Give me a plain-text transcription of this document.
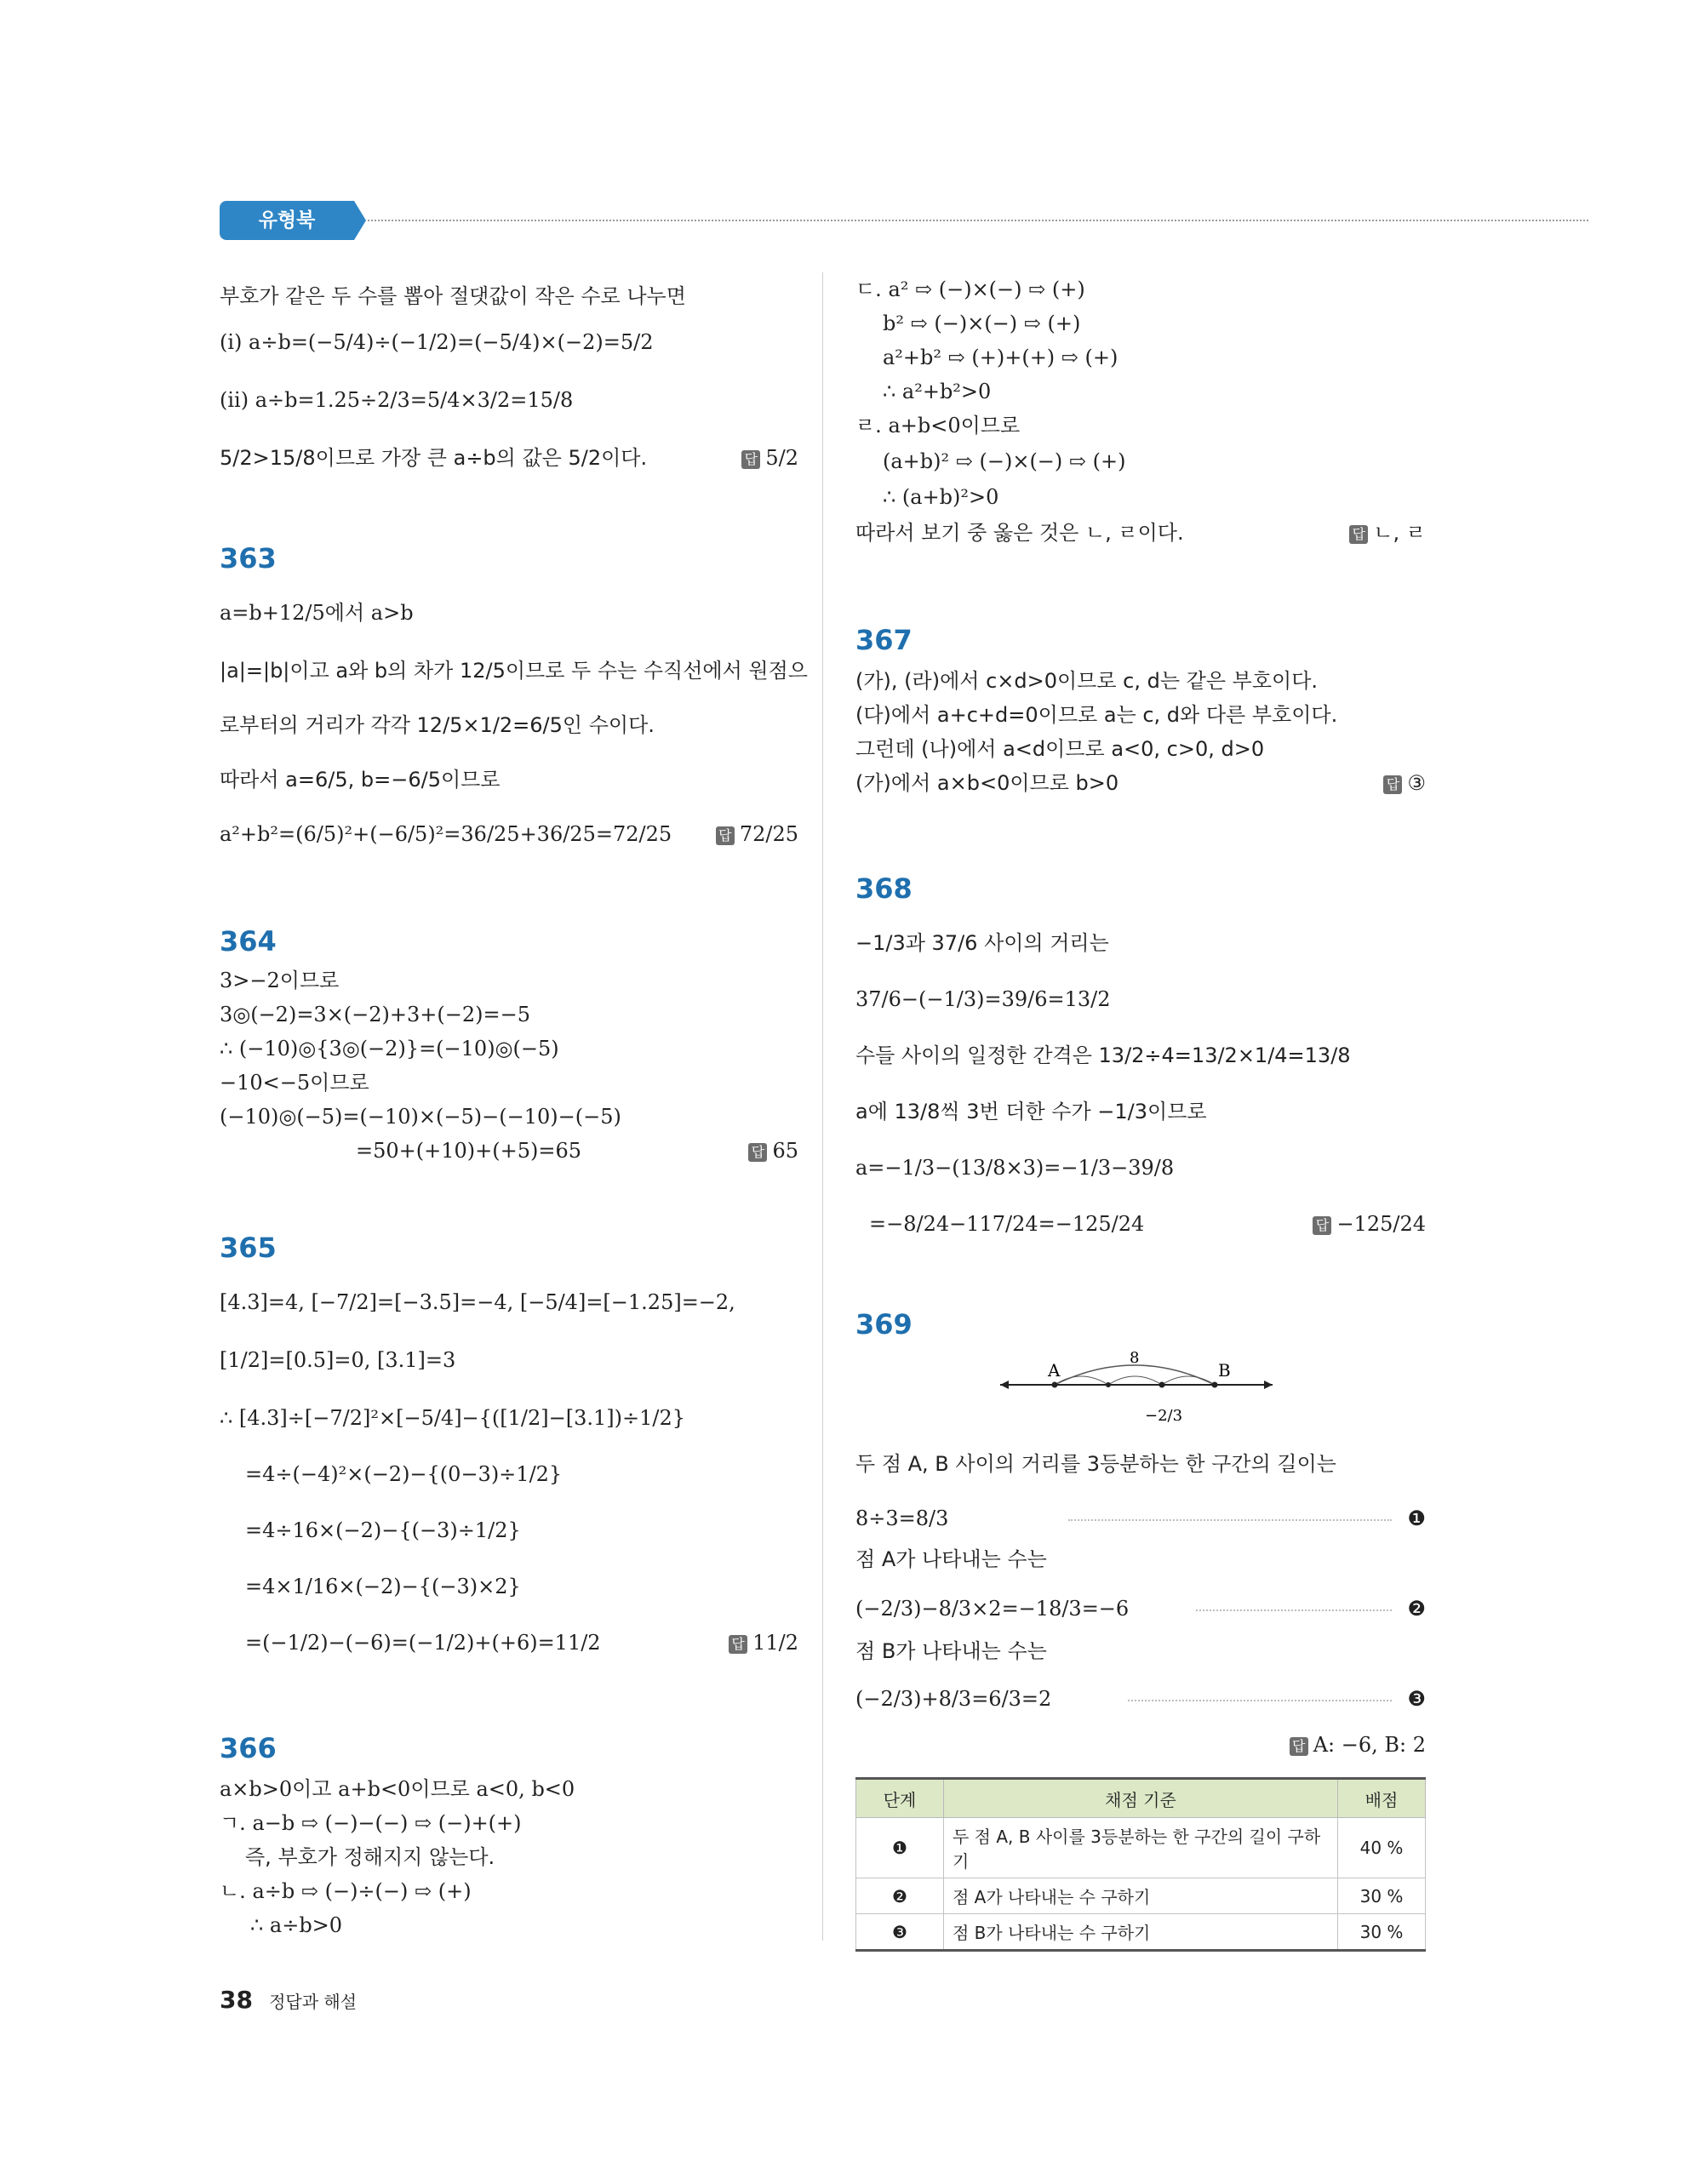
유형북
부호가 같은 두 수를 뽑아 절댓값이 작은 수로 나누면
(i) a÷b=(−5/4)÷(−1/2)=(−5/4)×(−2)=5/2
(ii) a÷b=1.25÷2/3=5/4×3/2=15/8
5/2>15/8이므로 가장 큰 a÷b의 값은 5/2이다.	답 5/2
363
a=b+12/5에서 a>b
|a|=|b|이고 a와 b의 차가 12/5이므로 두 수는 수직선에서 원점으
로부터의 거리가 각각 12/5×1/2=6/5인 수이다.
따라서 a=6/5, b=−6/5이므로
a²+b²=(6/5)²+(−6/5)²=36/25+36/25=72/25	답 72/25
364
3>−2이므로
3◎(−2)=3×(−2)+3+(−2)=−5
∴ (−10)◎{3◎(−2)}=(−10)◎(−5)
−10<−5이므로
(−10)◎(−5)=(−10)×(−5)−(−10)−(−5)
=50+(+10)+(+5)=65	답 65
365
[4.3]=4, [−7/2]=[−3.5]=−4, [−5/4]=[−1.25]=−2,
[1/2]=[0.5]=0, [3.1]=3
∴ [4.3]÷[−7/2]²×[−5/4]−{([1/2]−[3.1])÷1/2}
=4÷(−4)²×(−2)−{(0−3)÷1/2}
=4÷16×(−2)−{(−3)÷1/2}
=4×1/16×(−2)−{(−3)×2}
=(−1/2)−(−6)=(−1/2)+(+6)=11/2	답 11/2
366
a×b>0이고 a+b<0이므로 a<0, b<0
ㄱ. a−b ⇨ (−)−(−) ⇨ (−)+(+)
즉, 부호가 정해지지 않는다.
ㄴ. a÷b ⇨ (−)÷(−) ⇨ (+)
∴ a÷b>0
ㄷ. a² ⇨ (−)×(−) ⇨ (+)
b² ⇨ (−)×(−) ⇨ (+)
a²+b² ⇨ (+)+(+) ⇨ (+)
∴ a²+b²>0
ㄹ. a+b<0이므로
(a+b)² ⇨ (−)×(−) ⇨ (+)
∴ (a+b)²>0
따라서 보기 중 옳은 것은 ㄴ, ㄹ이다.	답 ㄴ, ㄹ
367
(가), (라)에서 c×d>0이므로 c, d는 같은 부호이다.
(다)에서 a+c+d=0이므로 a는 c, d와 다른 부호이다.
그런데 (나)에서 a<d이므로 a<0, c>0, d>0
(가)에서 a×b<0이므로 b>0	답 ③
368
−1/3과 37/6 사이의 거리는
37/6−(−1/3)=39/6=13/2
수들 사이의 일정한 간격은 13/2÷4=13/2×1/4=13/8
a에 13/8씩 3번 더한 수가 −1/3이므로
a=−1/3−(13/8×3)=−1/3−39/8
=−8/24−117/24=−125/24	답 −125/24
369
A	B
8
−2/3
두 점 A, B 사이의 거리를 3등분하는 한 구간의 길이는
8÷3=8/3	❶
점 A가 나타내는 수는
(−2/3)−8/3×2=−18/3=−6	❷
점 B가 나타내는 수는
(−2/3)+8/3=6/3=2	❸
답 A: −6, B: 2
단계	채점 기준	배점
❶	두 점 A, B 사이를 3등분하는 한 구간의 길이 구하기	40 %
❷	점 A가 나타내는 수 구하기	30 %
❸	점 B가 나타내는 수 구하기	30 %
38 정답과 해설
